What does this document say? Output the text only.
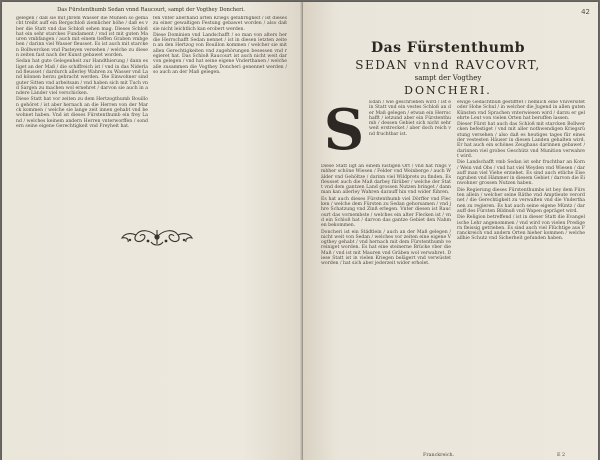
Das Fürstenthumb Sedan vnnd Raucourt, sampt der Vogthey Doncheri.

gelegen / daß sie mit jhrem Wasser die Mühlen so gemacht treibt auff ein Bergschloß ziemlicher höhe / daß es vber die Statt vnd das Schloß sehen mag. Dieses Schloß hat ein sehr starckes Fundament / vnd ist mit guten Mauren vmbfangen / auch mit einem tieffen Graben vmbgeben / darinn viel Wasser fleusset. Es ist auch mit starcken Bollwercken vnd Pasteyen versehen / welche zu diesen zeiten fast nach der Kunst gebawet worden.

Sedan hat gute Gelegenheit zur Handthierung / dann es liget an der Maß / die schiffreich ist / vnd in das Niderland fleusset / dardurch allerley Wahren zu Wasser vnd Land können herzu gebracht werden. Die Einwohner sind guter Sitten vnd arbeitsam / vnd haben sich mit Tuch vnd Sargen zu machen wol ernehret / darvon sie auch in andere Länder viel verschicken.

Diese Statt hat vor zeiten zu dem Hertzogthumb Bouillon gehöret / ist aber hernach an die Herren von der Marck kommen / welche sie lange zeit innen gehabt vnd bewohnet haben. Vnd ist dieses Fürstenthumb ein frey Land / welches keinem andern Herren vnterworffen / sondern seine eigene Gerechtigkeit vnd Freyheit hat.

fen vnter allerhand arten Kriegs gefährligkeit / ist dieses zu einer gewaltigen Festung gebawet worden / also daß sie nicht leichtlich kan erobert werden.

Diese Dominien vnd Landschafft / so man von alters her die Herrschafft Sedan nennet / ist in diesen letzten zeiten an den Hertzog von Bouillon kommen / welcher sie mit allen Gerechtigkeiten vnd zugehörungen besessen vnd regieret hat. Das Schloß Raucourt ist auch nicht weit darvon gelegen / vnd hat seine eigene Vnderthanen / welche alle zusammen die Vogthey Doncheri genennet werden / so auch an der Maß gelegen.

42
Das Fürstenthumb
SEDAN vnnd RAVCOVRT,
sampt der Vogthey
DONCHERI.
S	Edan / wie geschrieben wird / ist ein Statt vnd ein vestes Schloß an der Maß gelegen / etwan ein Herrschafft / ietzund aber ein Fürstenthumb / dessen Gebiet sich nicht sehr weit erstrecket / aber doch reich vnd fruchtbar ist.

Diese Statt ligt an einem lustigen Ort / vnd hat rings vmbher schöne Wiesen / Felder vnd Weinberge / auch Wälder vnd Gehöltze / darinn viel Wildprets zu finden. Es fleusset auch die Maß darbey fürüber / welche der Statt vnd dem gantzen Land grossen Nutzen bringet / dann man kan allerley Wahren darauff hin vnd wider führen.

Es hat auch dieses Fürstenthumb viel Dörffer vnd Flecken / welche dem Fürsten zu Sedan gehorsamen / vnd jhre Schatzung vnd Zinß erlegen. Vnter diesen ist Raucourt das vornembste / welches ein alter Flecken ist / vnd ein Schloß hat / darvon das gantze Gebiet den Nahmen bekommen.

Doncheri ist ein Städtlein / auch an der Maß gelegen / nicht weit von Sedan / welches vor zeiten eine eigene Vogthey gehabt / vnd hernach mit dem Fürstenthumb vereiniget worden. Es hat eine steinerne Brücke vber die Maß / vnd ist mit Mauren vnd Gräben wol verwahret. Diese Statt ist in vielen Kriegen belägert vnd verwüstet worden / hat sich aber jederzeit wider erholet.

ewige Gedächtnuß gestifftet / nemlich eine Vniversitet oder Hohe Schul / in welcher die Jugend in allen guten Künsten vnd Sprachen vnterwiesen wird / darzu er gelehrte Leut von vielen Orten hat beruffen lassen.

Dieser Fürst hat auch das Schloß mit starcken Bollwercken befestiget / vnd mit aller nothwendigen Kriegsrüstung versehen / also daß es heutiges tages für eines der vestesten Häuser in diesen Landen gehalten wird. Er hat auch ein schönes Zeughaus darinnen gebawet / darinnen viel grobes Geschütz vnd Munition verwahret wird.

Die Landschafft vmb Sedan ist sehr fruchtbar an Korn / Wein vnd Obs / vnd hat viel Weyden vnd Wiesen / darauff man viel Viehe erziehet. Es sind auch etliche Eisengruben vnd Hämmer in diesem Gebiet / darvon die Einwohner grossen Nutzen haben.

Die Regierung dieses Fürstenthumbs ist bey dem Fürsten allein / welcher seine Räthe vnd Amptleute verordnet / die Gerechtigkeit zu verwalten vnd die Vnderthanen zu regieren. Es hat auch seine eigene Müntz / darauff des Fürsten Bildnuß vnd Wapen gepräget wird.

Die Religion betreffend / ist in dieser Statt die Evangelische Lehr angenommen / vnd wird von vielen Predigern fleissig getrieben. Es sind auch viel Flüchtige aus Franckreich vnd andern Orten hieher kommen / welche allhie Schutz vnd Sicherheit gefunden haben.

Franckreich.	E 2
